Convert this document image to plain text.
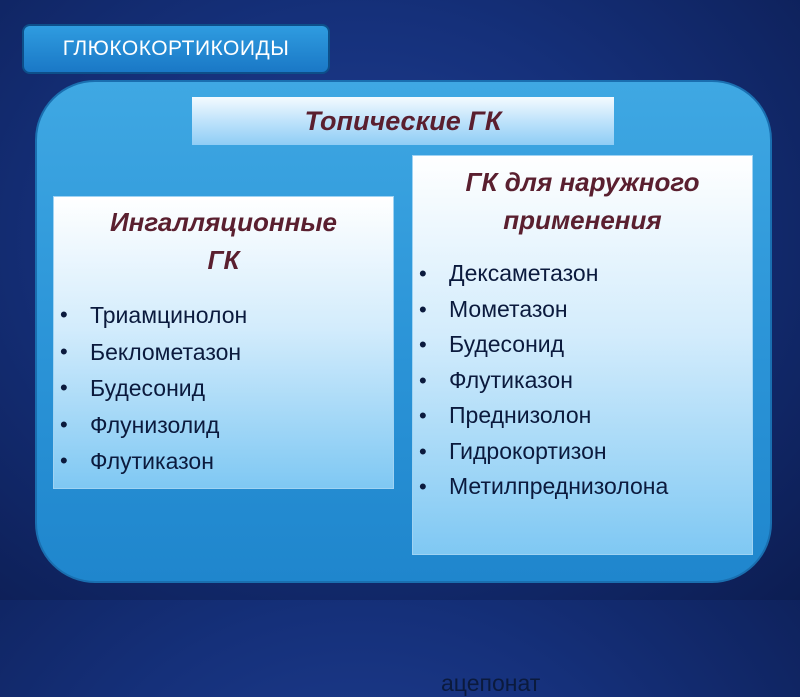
ГЛЮКОКОРТИКОИДЫ
Топические ГК
Ингалляционные
ГК
• Триамцинолон
• Беклометазон
• Будесонид
• Флунизолид
• Флутиказон
ГК для наружного
применения
• Дексаметазон
• Мометазон
• Будесонид
• Флутиказон
• Преднизолон
• Гидрокортизон
• Метилпреднизолона
ацепонат
